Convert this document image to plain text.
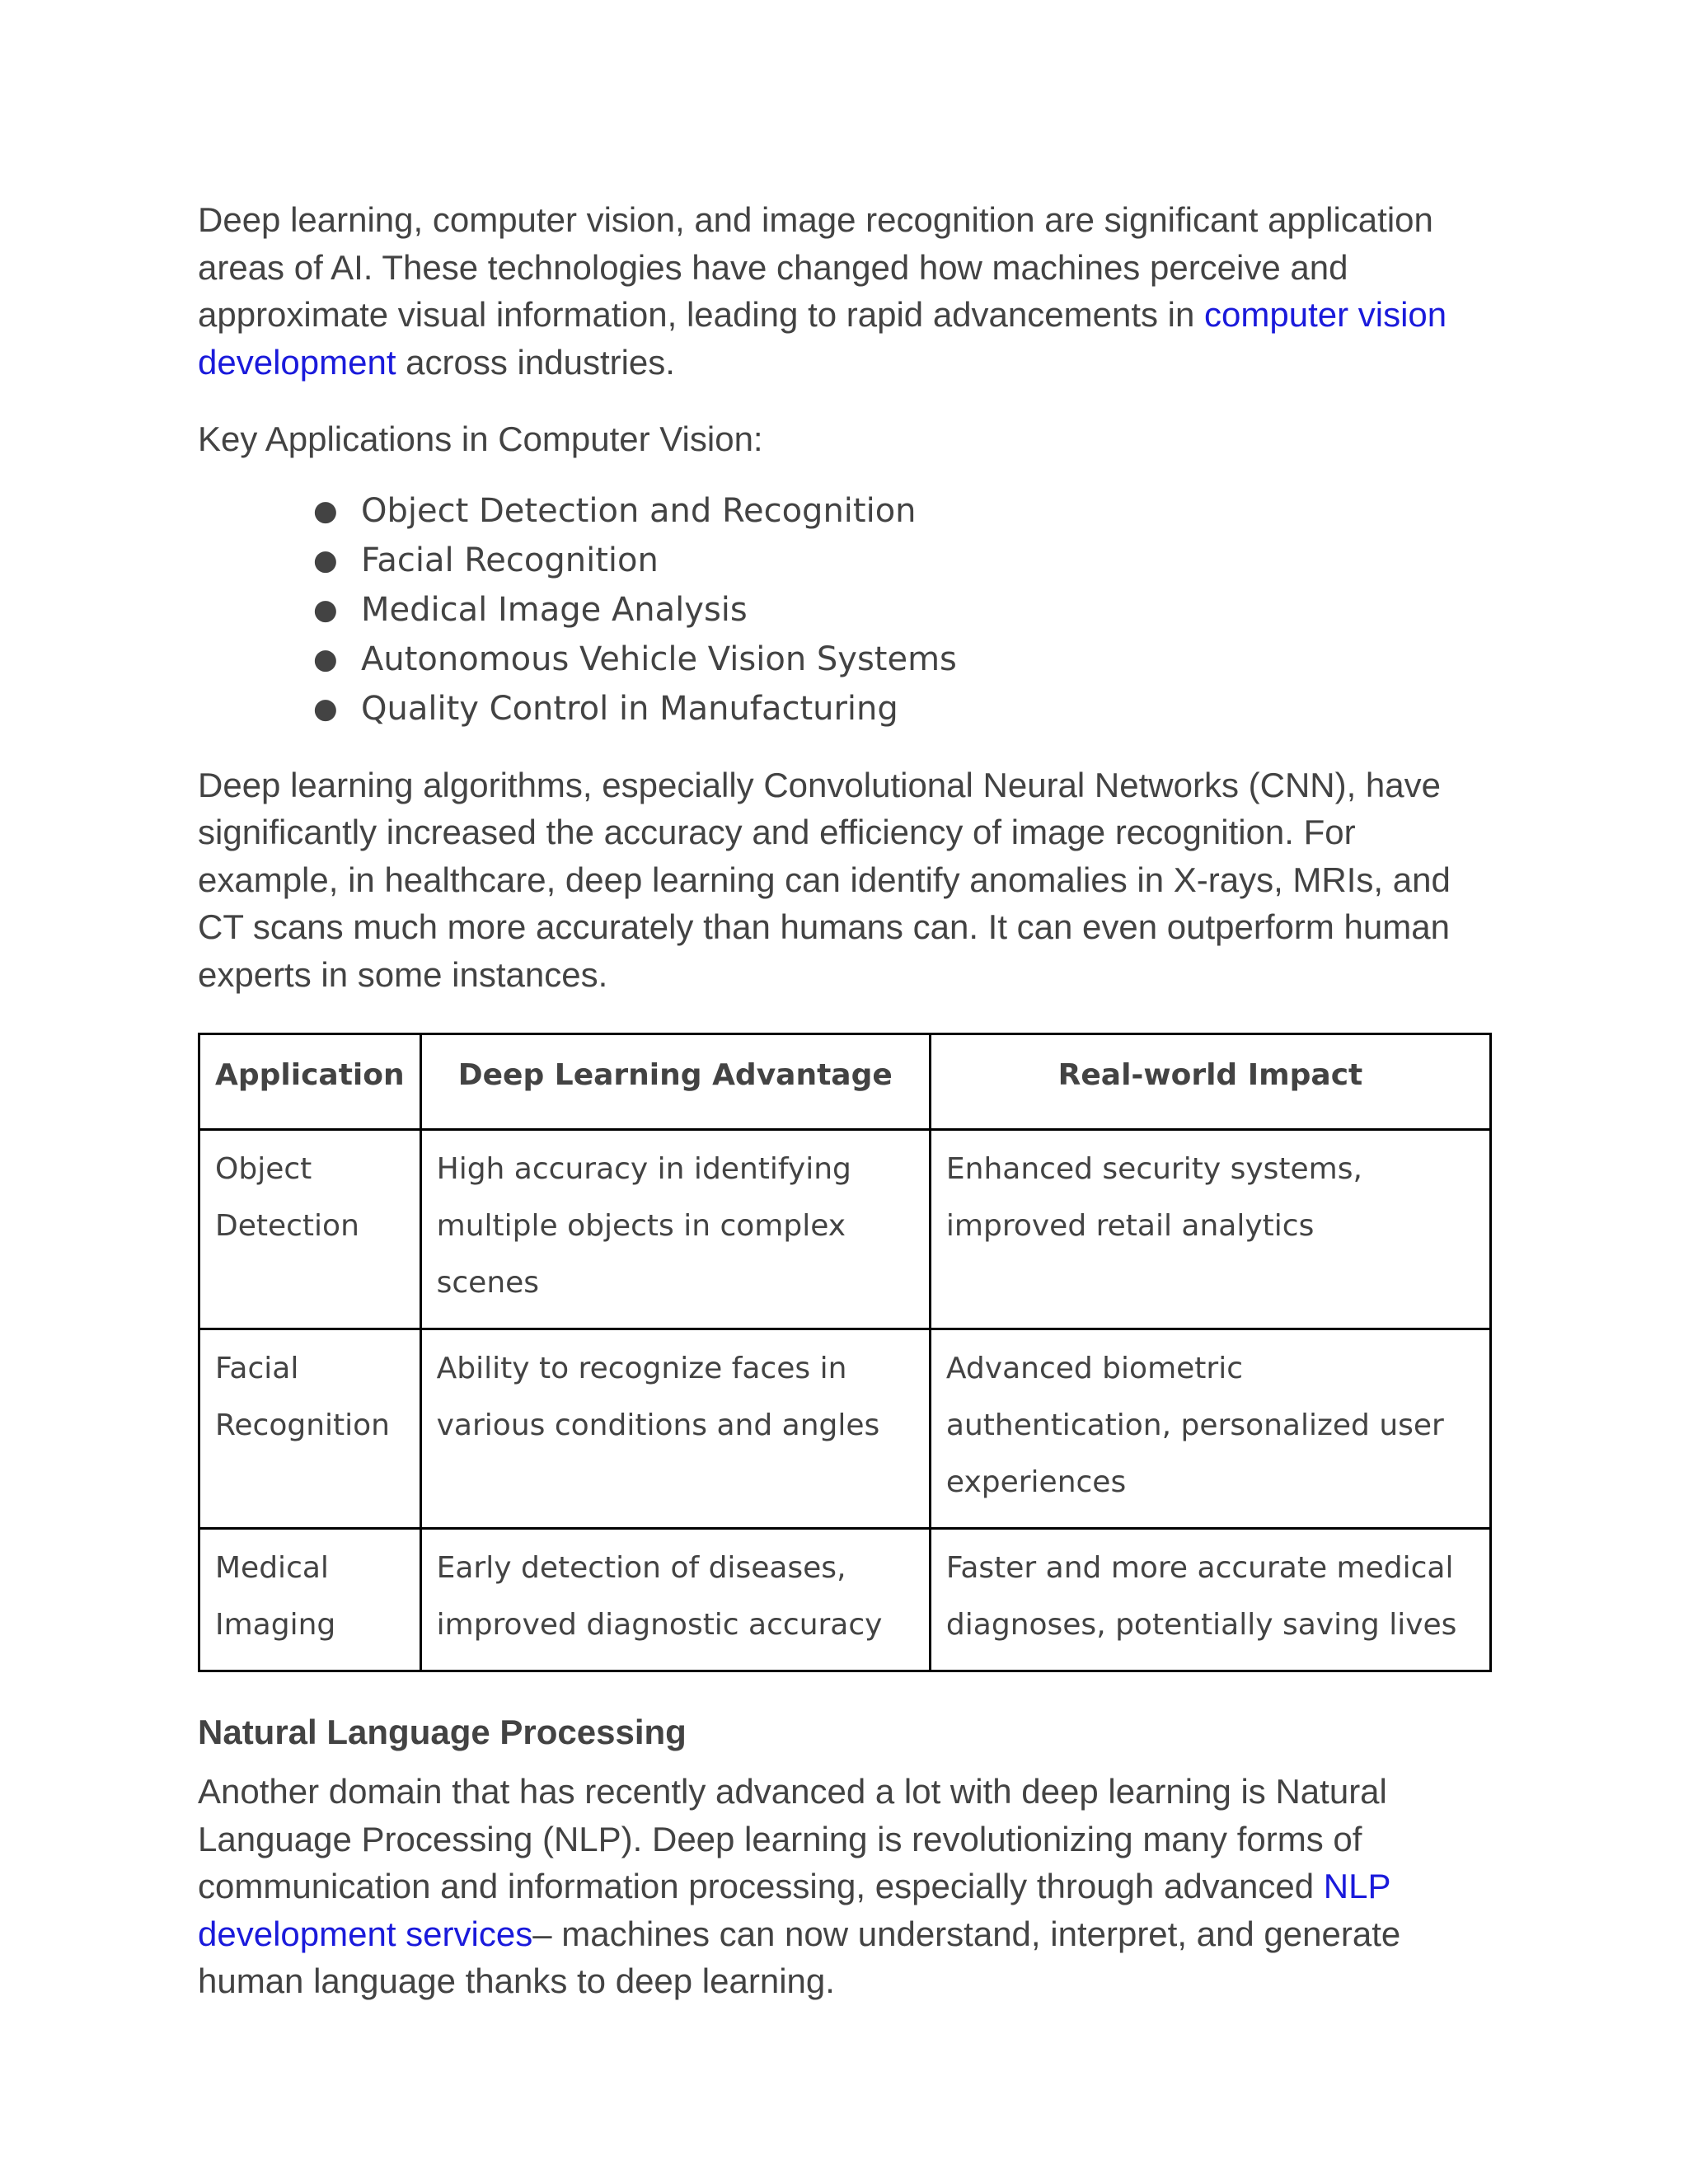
Deep learning, computer vision, and image recognition are significant application areas of AI. These technologies have changed how machines perceive and approximate visual information, leading to rapid advancements in computer vision development across industries.

Key Applications in Computer Vision:

● Object Detection and Recognition
● Facial Recognition
● Medical Image Analysis
● Autonomous Vehicle Vision Systems
● Quality Control in Manufacturing

Deep learning algorithms, especially Convolutional Neural Networks (CNN), have significantly increased the accuracy and efficiency of image recognition. For example, in healthcare, deep learning can identify anomalies in X-rays, MRIs, and CT scans much more accurately than humans can. It can even outperform human experts in some instances.

Application	Deep Learning Advantage	Real-world Impact
Object Detection	High accuracy in identifying multiple objects in complex scenes	Enhanced security systems, improved retail analytics
Facial Recognition	Ability to recognize faces in various conditions and angles	Advanced biometric authentication, personalized user experiences
Medical Imaging	Early detection of diseases, improved diagnostic accuracy	Faster and more accurate medical diagnoses, potentially saving lives
Natural Language Processing

Another domain that has recently advanced a lot with deep learning is Natural Language Processing (NLP). Deep learning is revolutionizing many forms of communication and information processing, especially through advanced NLP development services– machines can now understand, interpret, and generate human language thanks to deep learning.
